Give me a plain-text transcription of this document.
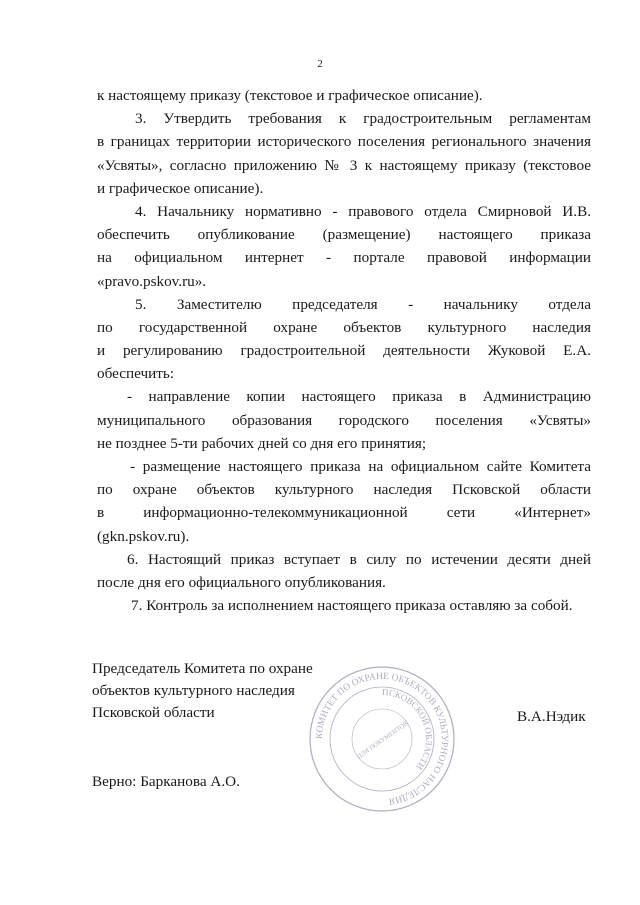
2
к настоящему приказу (текстовое и графическое описание).
3. Утвердить требования к градостроительным регламентам
в границах территории исторического поселения регионального значения
«Усвяты», согласно приложению № 3 к настоящему приказу (текстовое
и графическое описание).
4. Начальнику нормативно - правового отдела Смирновой И.В.
обеспечить опубликование (размещение) настоящего приказа
на официальном интернет - портале правовой информации
«pravo.pskov.ru».
5. Заместителю председателя - начальнику отдела
по государственной охране объектов культурного наследия
и регулированию градостроительной деятельности Жуковой Е.А.
обеспечить:
- направление копии настоящего приказа в Администрацию
муниципального образования городского поселения «Усвяты»
не позднее 5-ти рабочих дней со дня его принятия;
- размещение настоящего приказа на официальном сайте Комитета
по охране объектов культурного наследия Псковской области
в информационно-телекоммуникационной сети «Интернет»
(gkn.pskov.ru).
6. Настоящий приказ вступает в силу по истечении десяти дней
после дня его официального опубликования.
7. Контроль за исполнением настоящего приказа оставляю за собой.
Председатель Комитета по охране
объектов культурного наследия
Псковской области
КОМИТЕТ ПО ОХРАНЕ ОБЪЕКТОВ КУЛЬТУРНОГО НАСЛЕДИЯ
ПСКОВСКОЙ ОБЛАСТИ
ДЛЯ ПОКУМЕНТОВ
В.А.Нэдик
Верно: Барканова А.О.
